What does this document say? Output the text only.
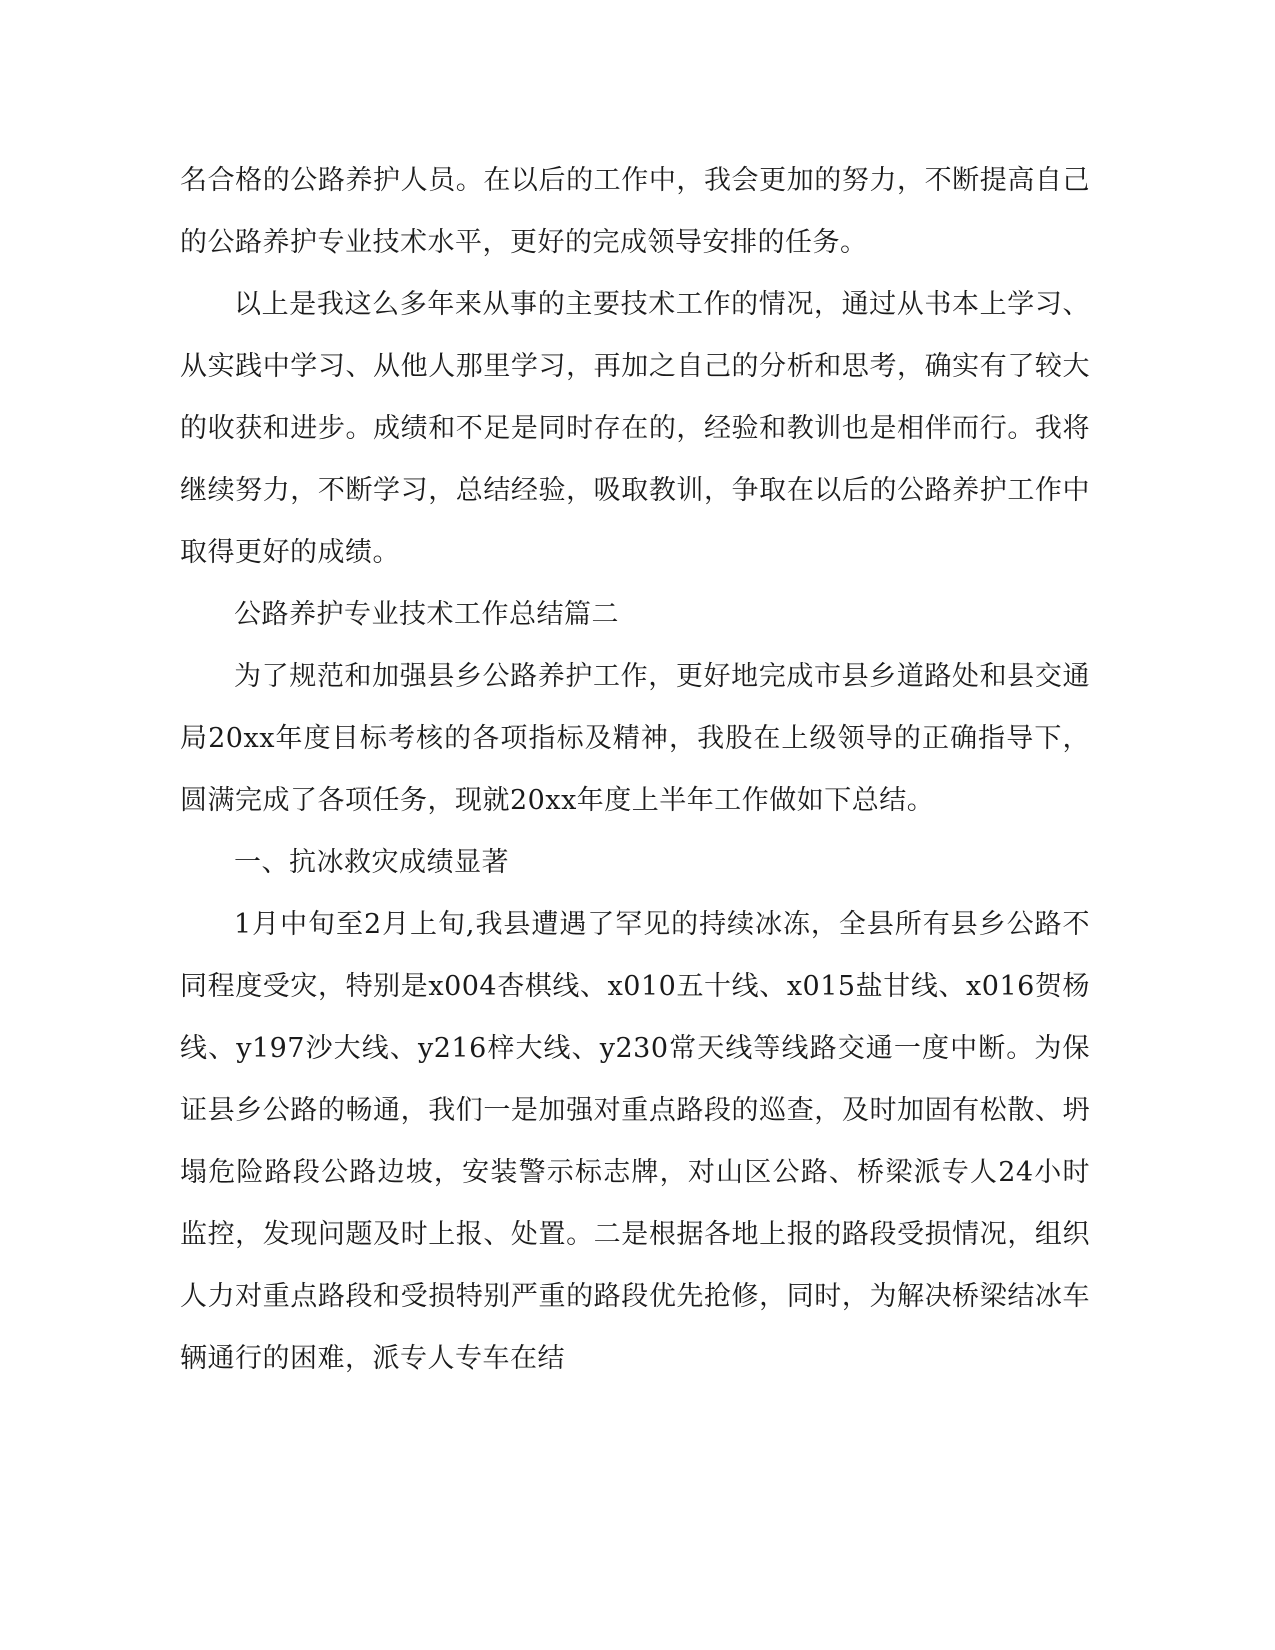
名合格的公路养护人员。在以后的工作中，我会更加的努力，不断提高自己的公路养护专业技术水平，更好的完成领导安排的任务。

以上是我这么多年来从事的主要技术工作的情况，通过从书本上学习、从实践中学习、从他人那里学习，再加之自己的分析和思考，确实有了较大的收获和进步。成绩和不足是同时存在的，经验和教训也是相伴而行。我将继续努力，不断学习，总结经验，吸取教训，争取在以后的公路养护工作中取得更好的成绩。

公路养护专业技术工作总结篇二

为了规范和加强县乡公路养护工作，更好地完成市县乡道路处和县交通局20xx年度目标考核的各项指标及精神，我股在上级领导的正确指导下，圆满完成了各项任务，现就20xx年度上半年工作做如下总结。

一、抗冰救灾成绩显著

1月中旬至2月上旬,我县遭遇了罕见的持续冰冻，全县所有县乡公路不同程度受灾，特别是x004杏棋线、x010五十线、x015盐甘线、x016贺杨线、y197沙大线、y216梓大线、y230常天线等线路交通一度中断。为保证县乡公路的畅通，我们一是加强对重点路段的巡查，及时加固有松散、坍塌危险路段公路边坡，安装警示标志牌，对山区公路、桥梁派专人24小时监控，发现问题及时上报、处置。二是根据各地上报的路段受损情况，组织人力对重点路段和受损特别严重的路段优先抢修，同时，为解决桥梁结冰车辆通行的困难，派专人专车在结
